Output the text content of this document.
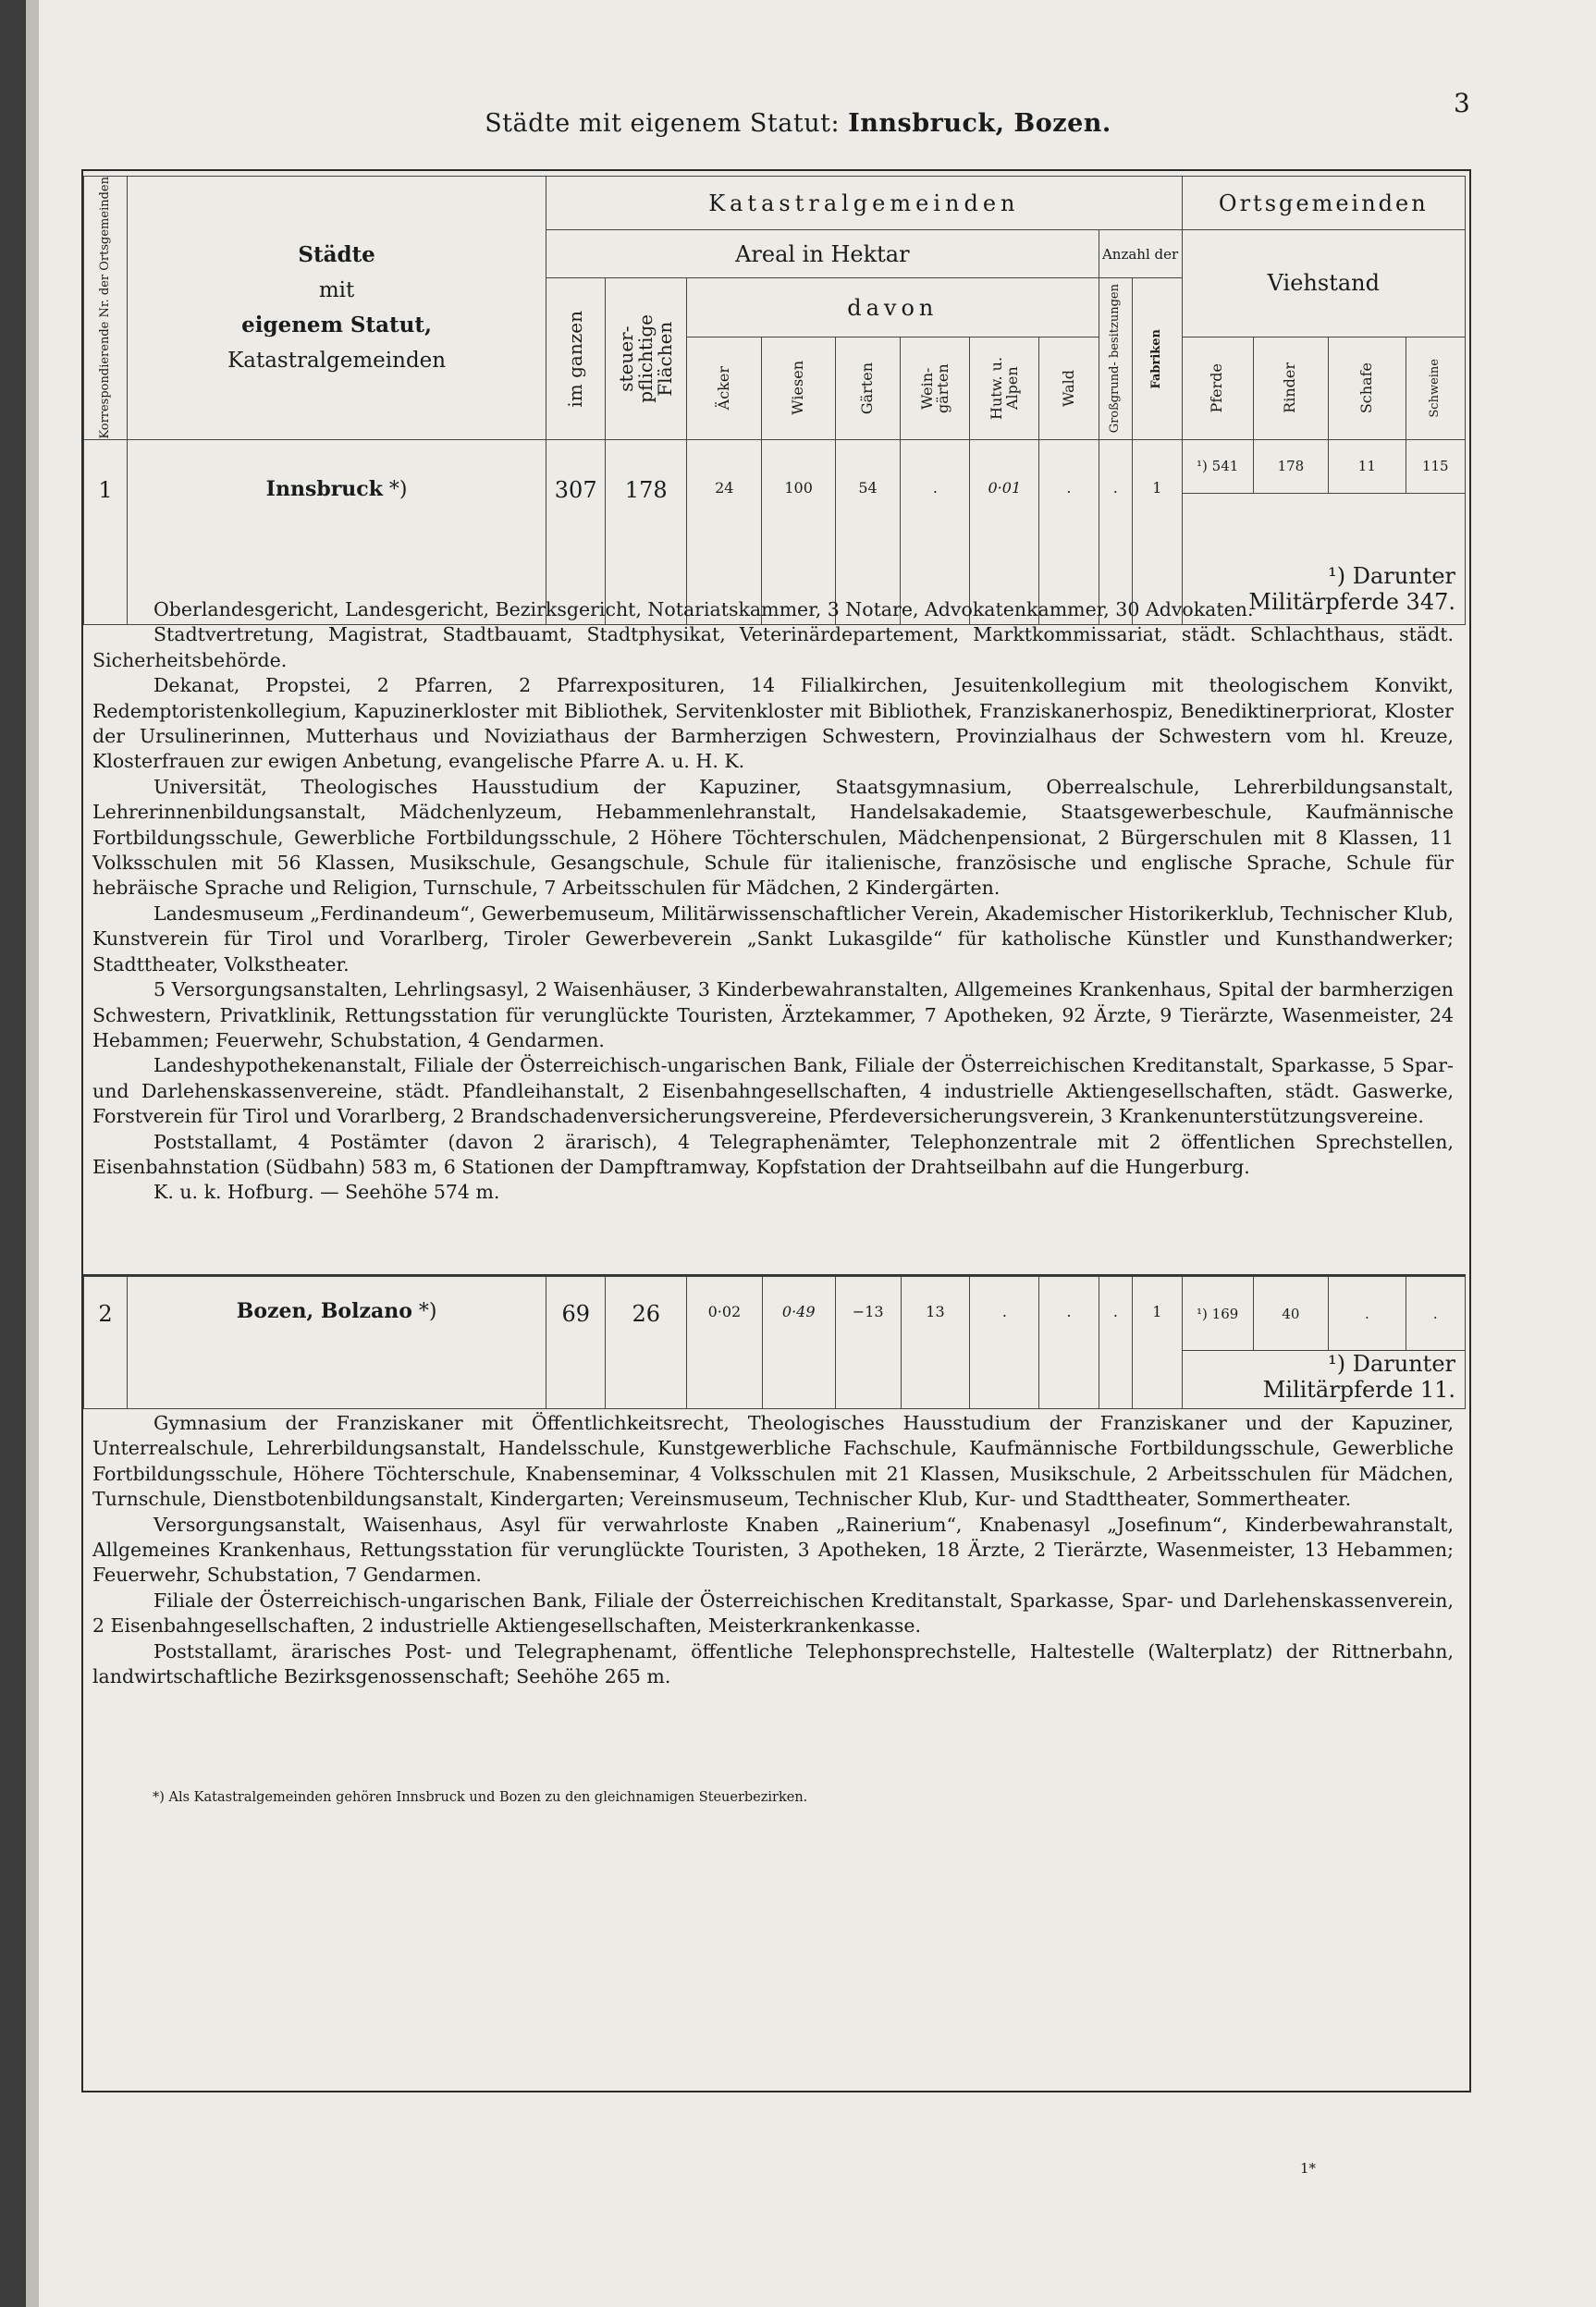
3
Städte mit eigenem Statut: Innsbruck, Bozen.
Korrespondierende Nr. der Ortsgemeinden	Städte
mit
eigenem Statut,
Katastralgemeinden	Katastralgemeinden										Ortsgemeinden			
		Areal in Hektar								Anzahl der		Viehstand			

		im ganzen	steuer-
pflichtige
Flächen	davon						Großgrund- besitzungen	Fabriken				

				Äcker	Wiesen	Gärten	Wein- gärten	Hutw. u. Alpen	Wald			Pferde	Rinder	Schafe	Schweine

1	Innsbruck *)	307	178	24	100	54	.	0·01	.	.	1	¹) 541	178	11	115
												¹) Darunter Militärpferde 347.			

Oberlandesgericht, Landesgericht, Bezirksgericht, Notariatskammer, 3 Notare, Advokatenkammer, 30 Advokaten.

Stadtvertretung, Magistrat, Stadtbauamt, Stadtphysikat, Veterinärdepartement, Marktkommissariat, städt. Schlachthaus, städt. Sicherheitsbehörde.

Dekanat, Propstei, 2 Pfarren, 2 Pfarrexposituren, 14 Filialkirchen, Jesuitenkollegium mit theologischem Konvikt, Redemptoristenkollegium, Kapuzinerkloster mit Bibliothek, Servitenkloster mit Bibliothek, Franziskanerhospiz, Benediktinerpriorat, Kloster der Ursulinerinnen, Mutterhaus und Noviziathaus der Barmherzigen Schwestern, Provinzialhaus der Schwestern vom hl. Kreuze, Klosterfrauen zur ewigen Anbetung, evangelische Pfarre A. u. H. K.

Universität, Theologisches Hausstudium der Kapuziner, Staatsgymnasium, Oberrealschule, Lehrerbildungsanstalt, Lehrerinnenbildungsanstalt, Mädchenlyzeum, Hebammenlehranstalt, Handelsakademie, Staatsgewerbeschule, Kaufmännische Fortbildungsschule, Gewerbliche Fortbildungsschule, 2 Höhere Töchterschulen, Mädchenpensionat, 2 Bürgerschulen mit 8 Klassen, 11 Volksschulen mit 56 Klassen, Musikschule, Gesangschule, Schule für italienische, französische und englische Sprache, Schule für hebräische Sprache und Religion, Turnschule, 7 Arbeitsschulen für Mädchen, 2 Kindergärten.

Landesmuseum „Ferdinandeum“, Gewerbemuseum, Militärwissenschaftlicher Verein, Akademischer Historikerklub, Technischer Klub, Kunstverein für Tirol und Vorarlberg, Tiroler Gewerbeverein „Sankt Lukasgilde“ für katholische Künstler und Kunsthandwerker; Stadttheater, Volkstheater.

5 Versorgungsanstalten, Lehrlingsasyl, 2 Waisenhäuser, 3 Kinderbewahranstalten, Allgemeines Krankenhaus, Spital der barmherzigen Schwestern, Privatklinik, Rettungsstation für verunglückte Touristen, Ärztekammer, 7 Apotheken, 92 Ärzte, 9 Tierärzte, Wasenmeister, 24 Hebammen; Feuerwehr, Schubstation, 4 Gendarmen.

Landeshypothekenanstalt, Filiale der Österreichisch-ungarischen Bank, Filiale der Österreichischen Kreditanstalt, Sparkasse, 5 Spar- und Darlehenskassenvereine, städt. Pfandleihanstalt, 2 Eisenbahngesellschaften, 4 industrielle Aktiengesellschaften, städt. Gaswerke, Forstverein für Tirol und Vorarlberg, 2 Brandschadenversicherungsvereine, Pferdeversicherungsverein, 3 Krankenunterstützungsvereine.

Poststallamt, 4 Postämter (davon 2 ärarisch), 4 Telegraphenämter, Telephonzentrale mit 2 öffentlichen Sprechstellen, Eisenbahnstation (Südbahn) 583 m, 6 Stationen der Dampftramway, Kopfstation der Drahtseilbahn auf die Hungerburg.

K. u. k. Hofburg. — Seehöhe 574 m.

2	Bozen, Bolzano *)	69	26	0·02	0·49	−13	13	.	.	.	1	¹) 169	40	.	.
¹) Darunter Militärpferde 11.

Gymnasium der Franziskaner mit Öffentlichkeitsrecht, Theologisches Hausstudium der Franziskaner und der Kapuziner, Unterrealschule, Lehrerbildungsanstalt, Handelsschule, Kunstgewerbliche Fachschule, Kaufmännische Fortbildungsschule, Gewerbliche Fortbildungsschule, Höhere Töchterschule, Knabenseminar, 4 Volksschulen mit 21 Klassen, Musikschule, 2 Arbeitsschulen für Mädchen, Turnschule, Dienstbotenbildungsanstalt, Kindergarten; Vereinsmuseum, Technischer Klub, Kur- und Stadttheater, Sommertheater.

Versorgungsanstalt, Waisenhaus, Asyl für verwahrloste Knaben „Rainerium“, Knabenasyl „Josefinum“, Kinderbewahranstalt, Allgemeines Krankenhaus, Rettungsstation für verunglückte Touristen, 3 Apotheken, 18 Ärzte, 2 Tierärzte, Wasenmeister, 13 Hebammen; Feuerwehr, Schubstation, 7 Gendarmen.

Filiale der Österreichisch-ungarischen Bank, Filiale der Österreichischen Kreditanstalt, Sparkasse, Spar- und Darlehenskassenverein, 2 Eisenbahngesellschaften, 2 industrielle Aktiengesellschaften, Meisterkrankenkasse.

Poststallamt, ärarisches Post- und Telegraphenamt, öffentliche Telephonsprechstelle, Haltestelle (Walterplatz) der Rittnerbahn, landwirtschaftliche Bezirksgenossenschaft; Seehöhe 265 m.

*) Als Katastralgemeinden gehören Innsbruck und Bozen zu den gleichnamigen Steuerbezirken.
1*
